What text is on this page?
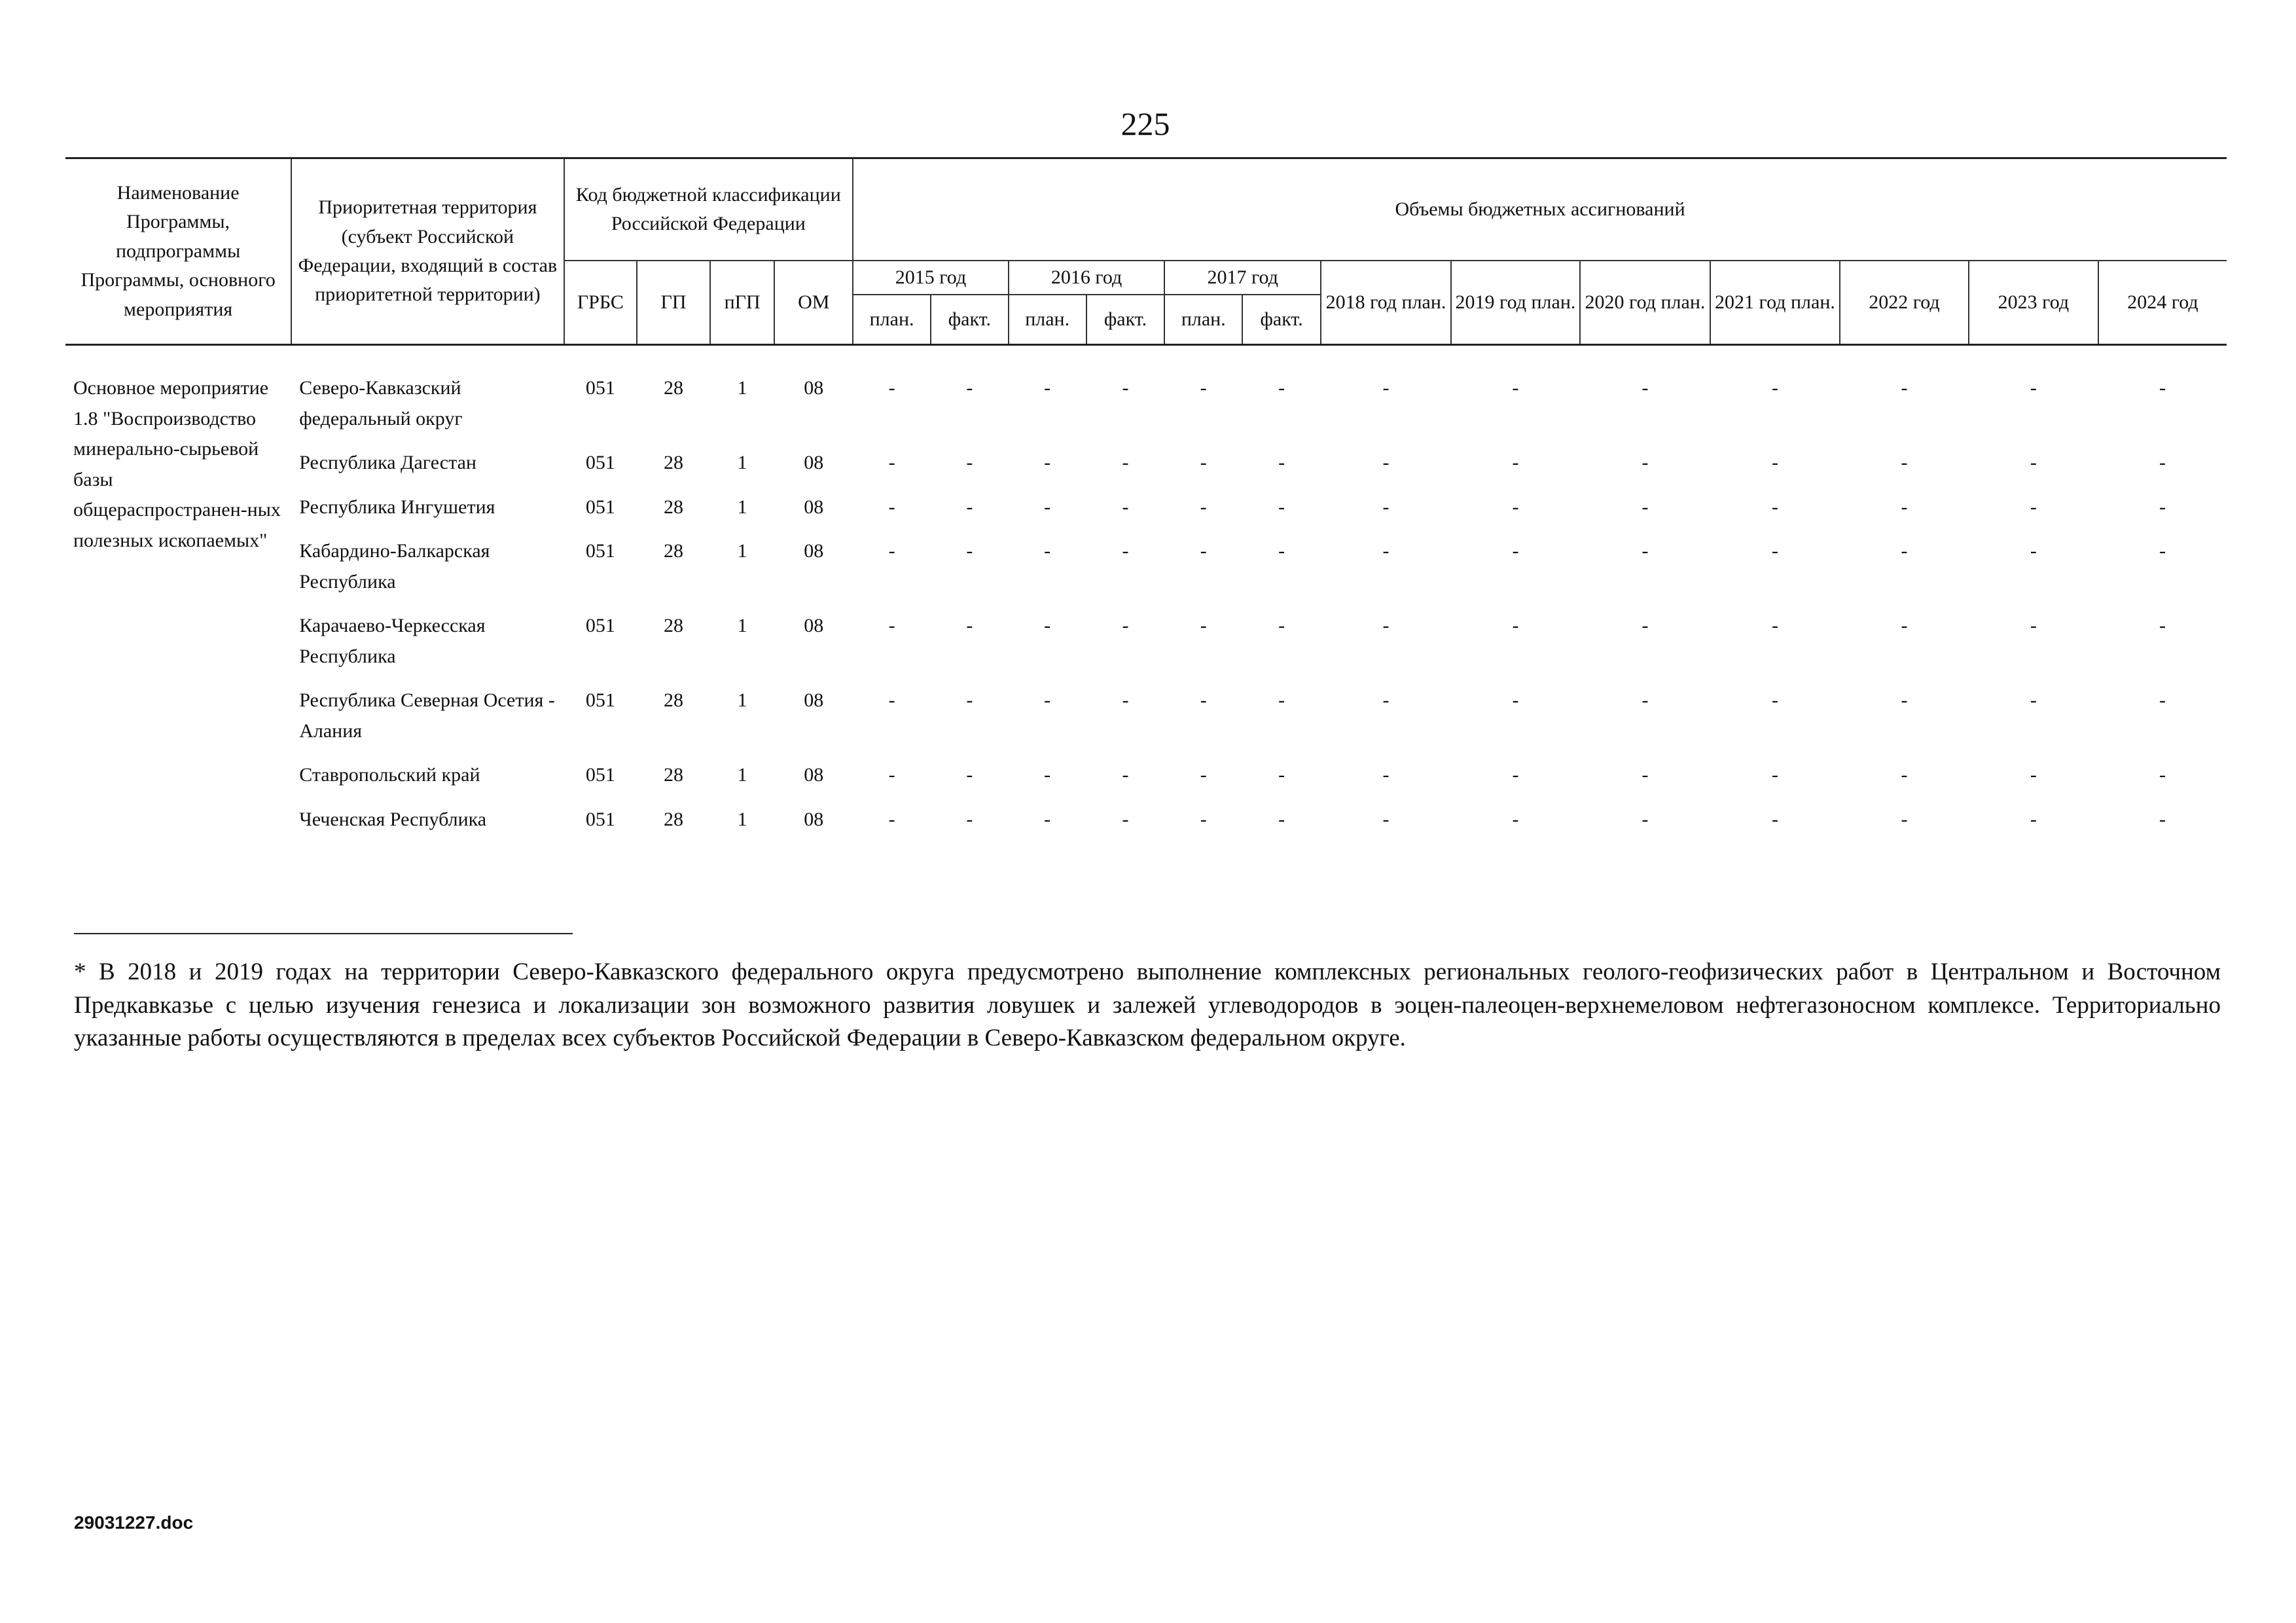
225
Наименование Программы, подпрограммы Программы, основного мероприятия	Приоритетная территория (субъект Российской Федерации, входящий в состав приоритетной территории)	Код бюджетной классификации Российской Федерации				Объемы бюджетных ассигнований												
		ГРБС	ГП	пГП	ОМ	2015 год		2016 год		2017 год		2018 год план.	2019 год план.	2020 год план.	2021 год план.	2022 год	2023 год	2024 год
						план.	факт.	план.	факт.	план.	факт.							

Основное мероприятие 1.8 "Воспроизводство минерально-сырьевой базы общераспространен-ных полезных ископаемых"	Северо-Кавказский федеральный округ	051	28	1	08	-	-	-	-	-	-	-	-	-	-	-	-	-
	Республика Дагестан	051	28	1	08	-	-	-	-	-	-	-	-	-	-	-	-	-
	Республика Ингушетия	051	28	1	08	-	-	-	-	-	-	-	-	-	-	-	-	-
	Кабардино-Балкарская Республика	051	28	1	08	-	-	-	-	-	-	-	-	-	-	-	-	-
	Карачаево-Черкесская Республика	051	28	1	08	-	-	-	-	-	-	-	-	-	-	-	-	-
	Республика Северная Осетия - Алания	051	28	1	08	-	-	-	-	-	-	-	-	-	-	-	-	-
	Ставропольский край	051	28	1	08	-	-	-	-	-	-	-	-	-	-	-	-	-
	Чеченская Республика	051	28	1	08	-	-	-	-	-	-	-	-	-	-	-	-	-
* В 2018 и 2019 годах на территории Северо-Кавказского федерального округа предусмотрено выполнение комплексных региональных геолого-геофизических работ в Центральном и Восточном Предкавказье с целью изучения генезиса и локализации зон возможного развития ловушек и залежей углеводородов в эоцен-палеоцен-верхнемеловом нефтегазоносном комплексе. Территориально указанные работы осуществляются в пределах всех субъектов Российской Федерации в Северо-Кавказском федеральном округе.
29031227.doc
